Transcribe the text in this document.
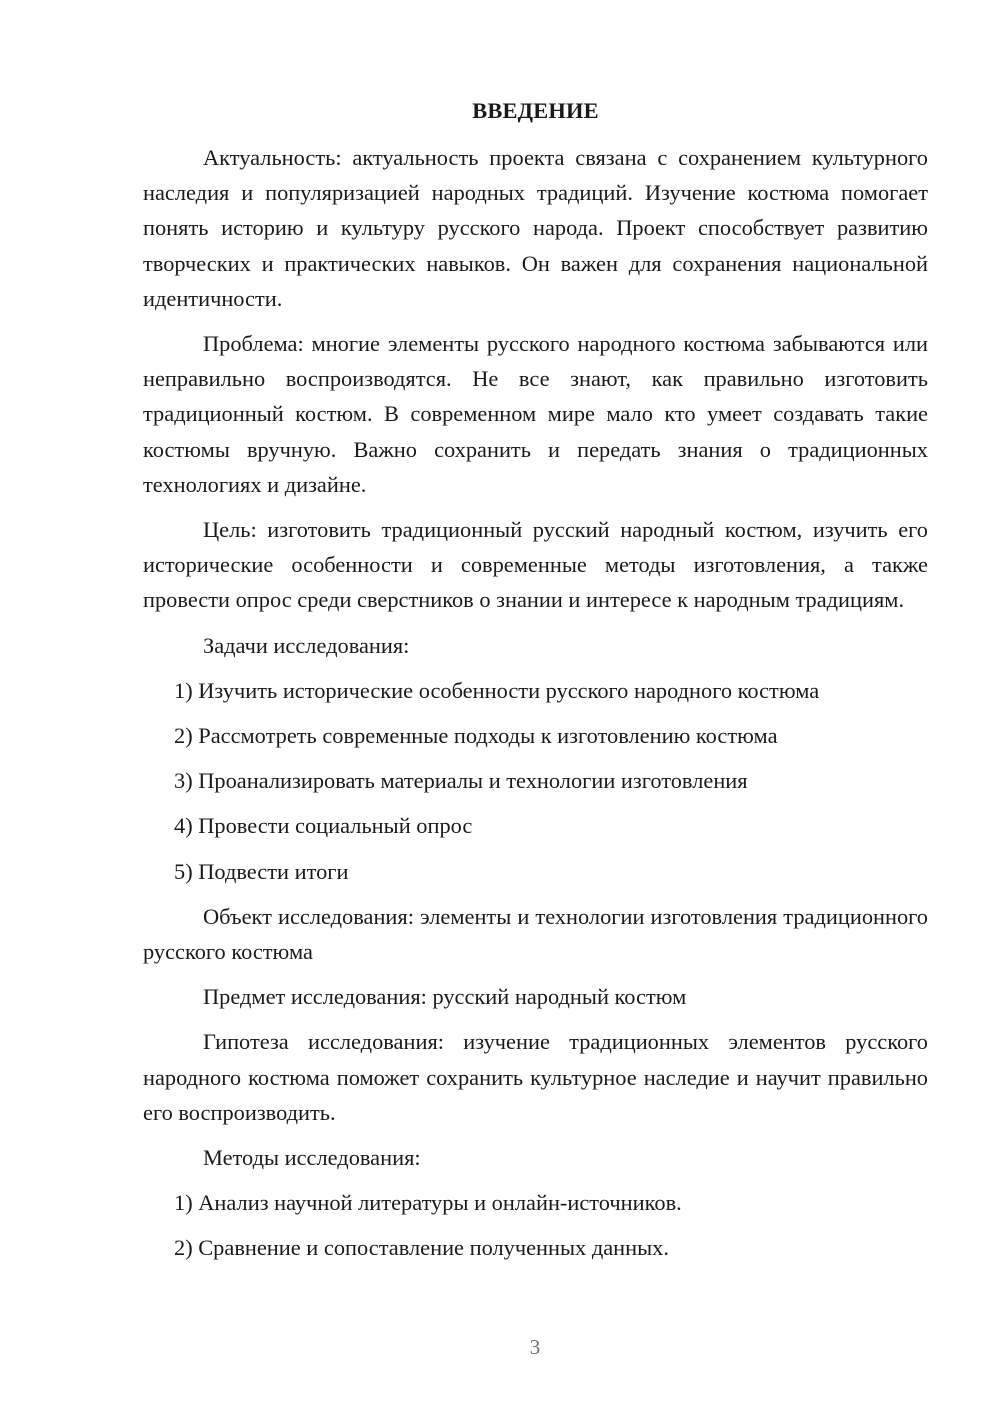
ВВЕДЕНИЕ

Актуальность: актуальность проекта связана с сохранением культурного наследия и популяризацией народных традиций. Изучение костюма помогает понять историю и культуру русского народа. Проект способствует развитию творческих и практических навыков. Он важен для сохранения национальной идентичности.

Проблема: многие элементы русского народного костюма забываются или неправильно воспроизводятся. Не все знают, как правильно изготовить традиционный костюм. В современном мире мало кто умеет создавать такие костюмы вручную. Важно сохранить и передать знания о традиционных технологиях и дизайне.

Цель: изготовить традиционный русский народный костюм, изучить его исторические особенности и современные методы изготовления, а также провести опрос среди сверстников о знании и интересе к народным традициям.

Задачи исследования:

1) Изучить исторические особенности русского народного костюма
2) Рассмотреть современные подходы к изготовлению костюма
3) Проанализировать материалы и технологии изготовления
4) Провести социальный опрос
5) Подвести итоги

Объект исследования: элементы и технологии изготовления традиционного русского костюма

Предмет исследования: русский народный костюм

Гипотеза исследования: изучение традиционных элементов русского народного костюма поможет сохранить культурное наследие и научит правильно его воспроизводить.

Методы исследования:

1) Анализ научной литературы и онлайн-источников.
2) Сравнение и сопоставление полученных данных.
3
